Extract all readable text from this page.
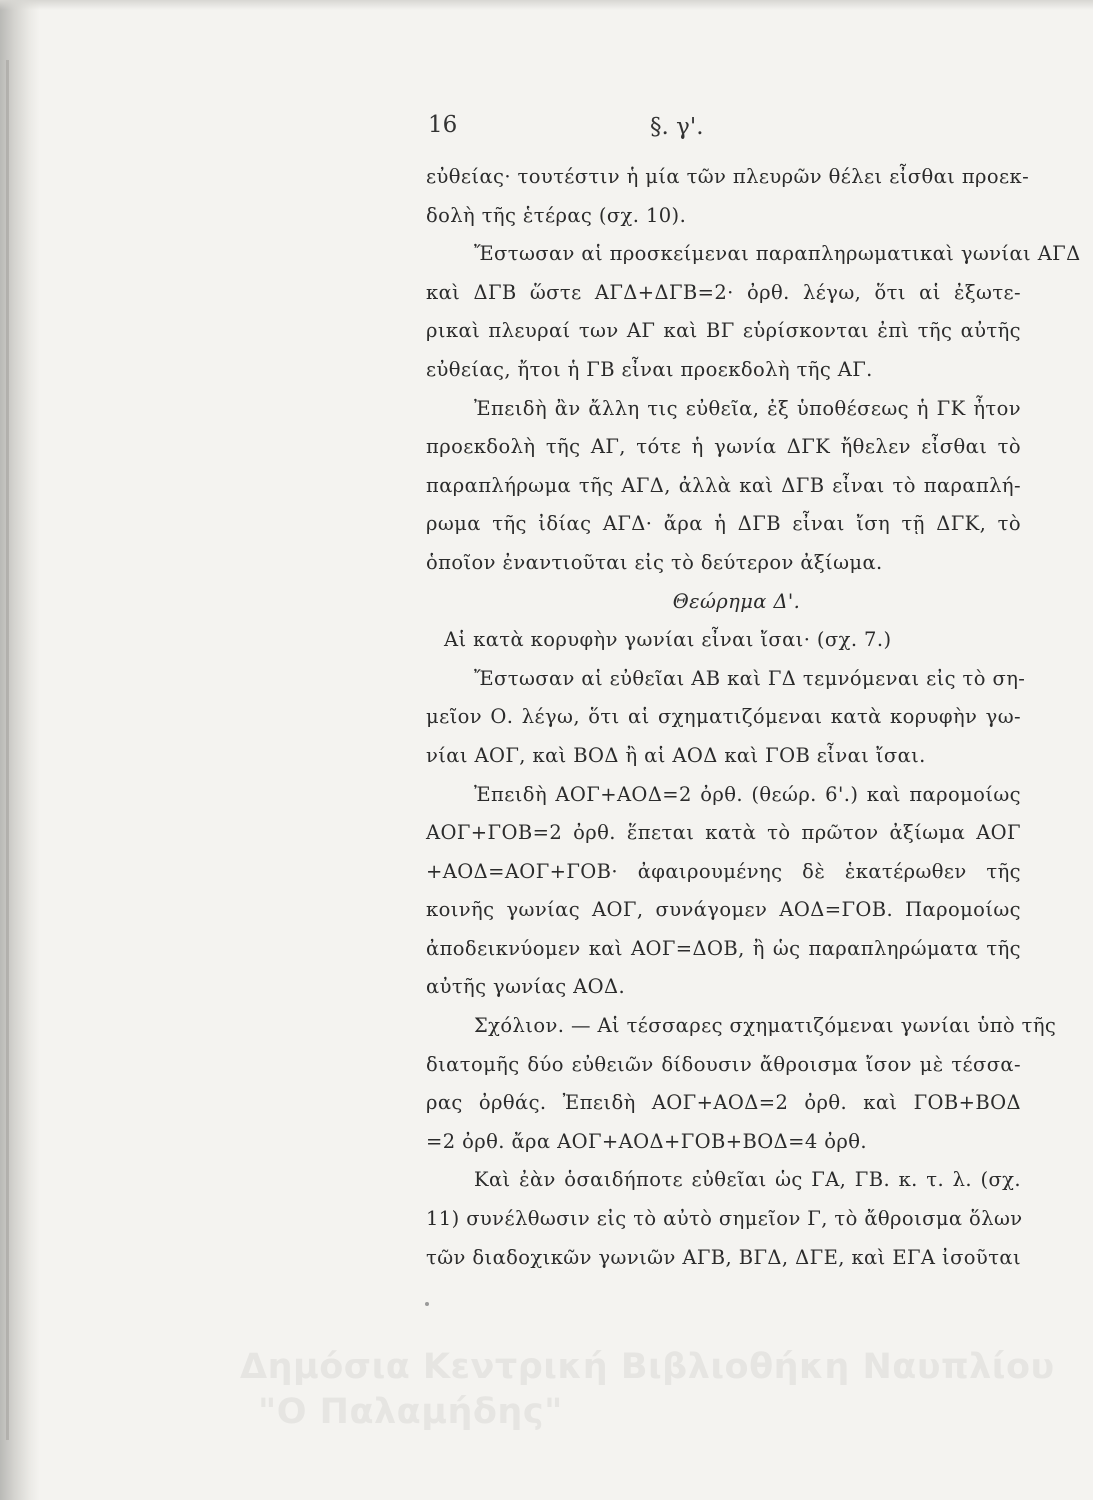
16	§. γ'.
εὐθείας· τουτέστιν ἡ μία τῶν πλευρῶν θέλει εἶσθαι προεκ-
δολὴ τῆς ἑτέρας (σχ. 10).
Ἔστωσαν αἱ προσκείμεναι παραπληρωματικαὶ γωνίαι ΑΓΔ
καὶ ΔΓΒ ὥστε ΑΓΔ+ΔΓΒ=2· ὀρθ. λέγω, ὅτι αἱ ἐξωτε-
ρικαὶ πλευραί των ΑΓ καὶ ΒΓ εὑρίσκονται ἐπὶ τῆς αὐτῆς
εὐθείας, ἤτοι ἡ ΓΒ εἶναι προεκδολὴ τῆς ΑΓ.
Ἐπειδὴ ἂν ἄλλη τις εὐθεῖα, ἐξ ὑποθέσεως ἡ ΓΚ ἦτον
προεκδολὴ τῆς ΑΓ, τότε ἡ γωνία ΔΓΚ ἤθελεν εἶσθαι τὸ
παραπλήρωμα τῆς ΑΓΔ, ἀλλὰ καὶ ΔΓΒ εἶναι τὸ παραπλή-
ρωμα τῆς ἰδίας ΑΓΔ· ἄρα ἡ ΔΓΒ εἶναι ἴση τῇ ΔΓΚ, τὸ
ὁποῖον ἐναντιοῦται εἰς τὸ δεύτερον ἀξίωμα.
Θεώρημα Δ'.
Αἱ κατὰ κορυφὴν γωνίαι εἶναι ἴσαι· (σχ. 7.)
Ἔστωσαν αἱ εὐθεῖαι ΑΒ καὶ ΓΔ τεμνόμεναι εἰς τὸ ση-
μεῖον Ο. λέγω, ὅτι αἱ σχηματιζόμεναι κατὰ κορυφὴν γω-
νίαι ΑΟΓ, καὶ ΒΟΔ ἢ αἱ ΑΟΔ καὶ ΓΟΒ εἶναι ἴσαι.
Ἐπειδὴ ΑΟΓ+ΑΟΔ=2 ὀρθ. (θεώρ. 6'.) καὶ παρομοίως
ΑΟΓ+ΓΟΒ=2 ὀρθ. ἕπεται κατὰ τὸ πρῶτον ἀξίωμα ΑΟΓ
+ΑΟΔ=ΑΟΓ+ΓΟΒ· ἀφαιρουμένης δὲ ἑκατέρωθεν τῆς
κοινῆς γωνίας ΑΟΓ, συνάγομεν ΑΟΔ=ΓΟΒ. Παρομοίως
ἀποδεικνύομεν καὶ ΑΟΓ=ΔΟΒ, ἢ ὡς παραπληρώματα τῆς
αὐτῆς γωνίας ΑΟΔ.
Σχόλιον. — Αἱ τέσσαρες σχηματιζόμεναι γωνίαι ὑπὸ τῆς
διατομῆς δύο εὐθειῶν δίδουσιν ἄθροισμα ἴσον μὲ τέσσα-
ρας ὀρθάς. Ἐπειδὴ ΑΟΓ+ΑΟΔ=2 ὀρθ. καὶ ΓΟΒ+ΒΟΔ
=2 ὀρθ. ἄρα ΑΟΓ+ΑΟΔ+ΓΟΒ+ΒΟΔ=4 ὀρθ.
Καὶ ἐὰν ὁσαιδήποτε εὐθεῖαι ὡς ΓΑ, ΓΒ. κ. τ. λ. (σχ.
11) συνέλθωσιν εἰς τὸ αὐτὸ σημεῖον Γ, τὸ ἄθροισμα ὅλων
τῶν διαδοχικῶν γωνιῶν ΑΓΒ, ΒΓΔ, ΔΓΕ, καὶ ΕΓΑ ἰσοῦται
Δημόσια Κεντρική Βιβλιοθήκη Ναυπλίου
"Ο Παλαμήδης"
